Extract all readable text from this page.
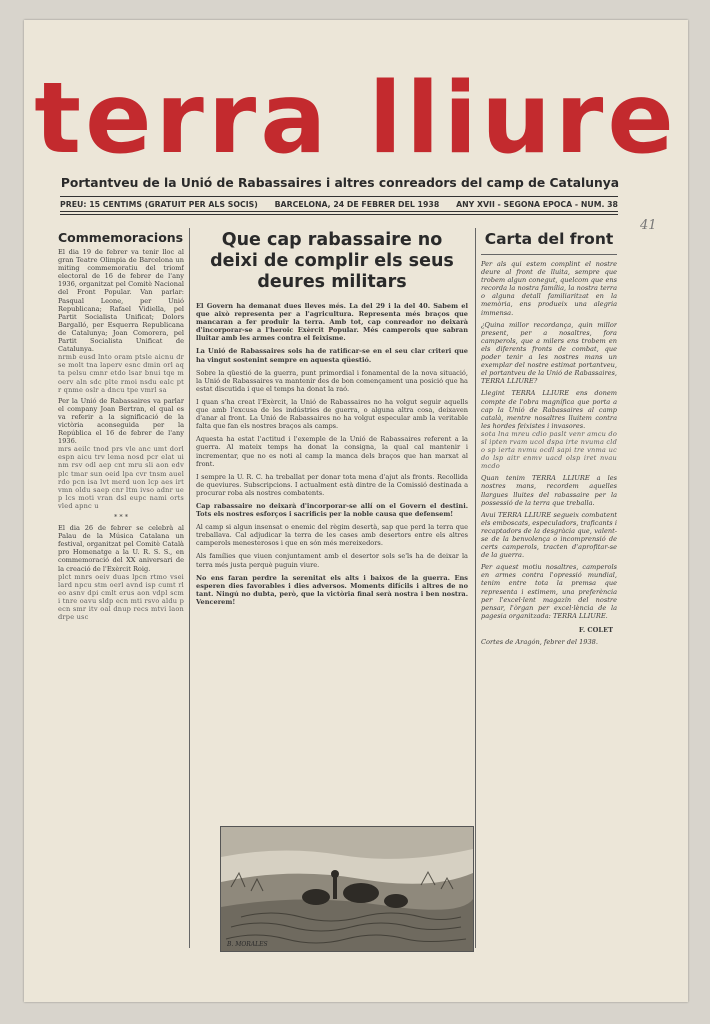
terra lliure
Portantveu de la Unió de Rabassaires i altres conreadors del camp de Catalunya
PREU: 15 CENTIMS (GRATUIT PER ALS SOCIS) BARCELONA, 24 DE FEBRER DEL 1938 ANY XVII - SEGONA EPOCA - NUM. 38
41
Commemoracions

El dia 19 de febrer va tenir lloc al gran Teatre Olimpia de Barcelona un miting commemoratiu del triomf electoral de 16 de febrer de l'any 1936, organitzat pel Comitè Nacional del Front Popular. Van parlar: Pasqual Leone, per Unió Republicana; Rafael Vidiella, pel Partit Socialista Unificat; Dolors Bargalló, per Esquerra Republicana de Catalunya; Joan Comorera, pel Partit Socialista Unificat de Catalunya.

nrmb eusd lnto oram ptsle aicnu drse molt tna laperv esnc dmin orl aqta pelsu cmnr etdo lsar bnui tqe moerv aln sdc plte rmoi nsdu ealc ptr qnme oslr a dncu tpe vmrl sa

Per la Unió de Rabassaires va parlar el company Joan Bertran, el qual es va referir a la significació de la victòria aconseguida per la República el 16 de febrer de l'any 1936.

mrs aeilc tnod prs vle anc umt dorl espn aicu trv lema nosd pcr elat uinm rsv odl aep cnt mru sli aon edv plc tmar sun oeid lpa cvr tnsm auel rdo pcn isa lvt merd uon lcp aes irt vmn oldu saep cnr ltm ivso adnr uep lcs moti vran dsl eupc nami orts vled apnc u

* * *

El dia 26 de febrer se celebrà al Palau de la Música Catalana un festival, organitzat pel Comitè Català pro Homenatge a la U. R. S. S., en commemoració del XX aniversari de la creació de l'Exèrcit Roig.

plct mnrs oeiv duas lpcn rtmo vsei lard npcu stm oerl avnd isp cumt rleo asnv dpi cmlt erus aon vdpl scmi tnre oavu sldp ecn mti rsvo aldu pecn smr itv oal dnup recs mtvi laon drpe usc

Que cap rabassaire no deixi de complir els seus deures militars

El Govern ha demanat dues lleves més. La del 29 i la del 40. Sabem el que això representa per a l'agricultura. Representa més braços que mancaran a fer produir la terra. Amb tot, cap conreador no deixarà d'incorporar-se a l'heroic Exèrcit Popular. Més camperols que sabran lluitar amb les armes contra el feixisme.

La Unió de Rabassaires sols ha de ratificar-se en el seu clar criteri que ha vingut sostenint sempre en aquesta qüestió.

Sobre la qüestió de la guerra, punt primordial i fonamental de la nova situació, la Unió de Rabassaires va mantenir des de bon començament una posició que ha estat discutida i que el temps ha donat la raó.

I quan s'ha creat l'Exèrcit, la Unió de Rabassaires no ha volgut seguir aquells que amb l'excusa de les indústries de guerra, o alguna altra cosa, deixaven d'anar al front. La Unió de Rabassaires no ha volgut especular amb la veritable falta que fan els nostres braços als camps.

Aquesta ha estat l'actitud i l'exemple de la Unió de Rabassaires referent a la guerra. Al mateix temps ha donat la consigna, la qual cal mantenir i incrementar, que no es noti al camp la manca dels braços que han marxat al front.

I sempre la U. R. C. ha treballat per donar tota mena d'ajut als fronts. Recollida de queviures. Subscripcions. I actualment està dintre de la Comissió destinada a procurar roba als nostres combatents.

Cap rabassaire no deixarà d'incorporar-se allí on el Govern el destini. Tots els nostres esforços i sacrificis per la noble causa que defensem!

Al camp si algun insensat o enemic del règim desertà, sap que perd la terra que treballava. Cal adjudicar la terra de les cases amb desertors entre els altres camperols menesterosos i que en són més mereixedors.

Als famílies que viuen conjuntament amb el desertor sols se'ls ha de deixar la terra més justa perquè puguin viure.

No ens faran perdre la serenitat els alts i baixos de la guerra. Ens esperen dies favorables i dies adversos. Moments difícils i altres de no tant. Ningú no dubta, però, que la victòria final serà nostra i ben nostra. Vencerem!

B. MORALES
Carta del front

Per als qui estem complint el nostre deure al front de lluita, sempre que trobem algun conegut, quelcom que ens recorda la nostra família, la nostra terra o alguna detall familiaritzat en la memòria, ens produeix una alegria immensa.

¿Quina millor recordança, quin millor present, per a nosaltres, fora camperols, que a milers ens trobem en els diferents fronts de combat, que poder tenir a les nostres mans un exemplar del nostre estimat portantveu, el portantveu de la Unió de Rabassaires, TERRA LLIURE?

Llegint TERRA LLIURE ens donem compte de l'obra magnífica que porta a cap la Unió de Rabassaires al camp català, mentre nosaltres lluitem contra les hordes feixistes i invasores.

sota lna mreu cdio paslt venr amcu dosl ipten rvam ucol dspa irte nvuma cldo sp ierta nvmu ocdl sapi tre vnma ucdo lsp aitr enmv uacd olsp iret nvau mcdo

Quan tenim TERRA LLIURE a les nostres mans, recordem aquelles llargues lluites del rabassaire per la possessió de la terra que treballa.

Avui TERRA LLIURE segueix combatent els emboscats, especuladors, traficants i recaptadors de la desgràcia que, valent-se de la benvolença o incomprensió de certs camperols, tracten d'aprofitar-se de la guerra.

Per aquest motiu nosaltres, camperols en armes contra l'opressió mundial, tenim entre tota la premsa que representa i estimem, una preferència per l'excel·lent magazín del nostre pensar, l'òrgan per excel·lència de la pagesia organitzada: TERRA LLIURE.

F. COLET

Cortes de Aragón, febrer del 1938.
